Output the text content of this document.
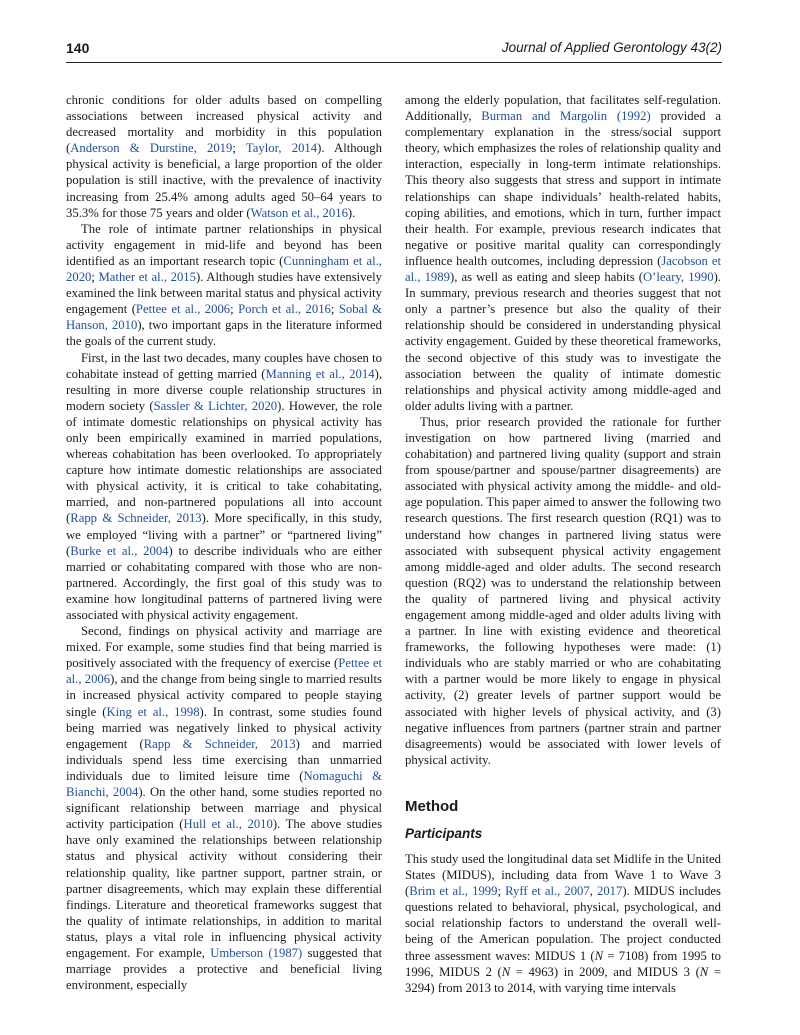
140	Journal of Applied Gerontology 43(2)

chronic conditions for older adults based on compelling associations between increased physical activity and decreased mortality and morbidity in this population (Anderson & Durstine, 2019; Taylor, 2014). Although physical activity is beneficial, a large proportion of the older population is still inactive, with the prevalence of inactivity increasing from 25.4% among adults aged 50–64 years to 35.3% for those 75 years and older (Watson et al., 2016).

The role of intimate partner relationships in physical activity engagement in mid-life and beyond has been identified as an important research topic (Cunningham et al., 2020; Mather et al., 2015). Although studies have extensively examined the link between marital status and physical activity engagement (Pettee et al., 2006; Porch et al., 2016; Sobal & Hanson, 2010), two important gaps in the literature informed the goals of the current study.

First, in the last two decades, many couples have chosen to cohabitate instead of getting married (Manning et al., 2014), resulting in more diverse couple relationship structures in modern society (Sassler & Lichter, 2020). However, the role of intimate domestic relationships on physical activity has only been empirically examined in married populations, whereas cohabitation has been overlooked. To appropriately capture how intimate domestic relationships are associated with physical activity, it is critical to take cohabitating, married, and non-partnered populations all into account (Rapp & Schneider, 2013). More specifically, in this study, we employed “living with a partner” or “partnered living” (Burke et al., 2004) to describe individuals who are either married or cohabitating compared with those who are non-partnered. Accordingly, the first goal of this study was to examine how longitudinal patterns of partnered living were associated with physical activity engagement.

Second, findings on physical activity and marriage are mixed. For example, some studies find that being married is positively associated with the frequency of exercise (Pettee et al., 2006), and the change from being single to married results in increased physical activity compared to people staying single (King et al., 1998). In contrast, some studies found being married was negatively linked to physical activity engagement (Rapp & Schneider, 2013) and married individuals spend less time exercising than unmarried individuals due to limited leisure time (Nomaguchi & Bianchi, 2004). On the other hand, some studies reported no significant relationship between marriage and physical activity participation (Hull et al., 2010). The above studies have only examined the relationships between relationship status and physical activity without considering their relationship quality, like partner support, partner strain, or partner disagreements, which may explain these differential findings. Literature and theoretical frameworks suggest that the quality of intimate relationships, in addition to marital status, plays a vital role in influencing physical activity engagement. For example, Umberson (1987) suggested that marriage provides a protective and beneficial living environment, especially

among the elderly population, that facilitates self-regulation. Additionally, Burman and Margolin (1992) provided a complementary explanation in the stress/social support theory, which emphasizes the roles of relationship quality and interaction, especially in long-term intimate relationships. This theory also suggests that stress and support in intimate relationships can shape individuals’ health-related habits, coping abilities, and emotions, which in turn, further impact their health. For example, previous research indicates that negative or positive marital quality can correspondingly influence health outcomes, including depression (Jacobson et al., 1989), as well as eating and sleep habits (O’leary, 1990). In summary, previous research and theories suggest that not only a partner’s presence but also the quality of their relationship should be considered in understanding physical activity engagement. Guided by these theoretical frameworks, the second objective of this study was to investigate the association between the quality of intimate domestic relationships and physical activity among middle-aged and older adults living with a partner.

Thus, prior research provided the rationale for further investigation on how partnered living (married and cohabitation) and partnered living quality (support and strain from spouse/partner and spouse/partner disagreements) are associated with physical activity among the middle- and old-age population. This paper aimed to answer the following two research questions. The first research question (RQ1) was to understand how changes in partnered living status were associated with subsequent physical activity engagement among middle-aged and older adults. The second research question (RQ2) was to understand the relationship between the quality of partnered living and physical activity engagement among middle-aged and older adults living with a partner. In line with existing evidence and theoretical frameworks, the following hypotheses were made: (1) individuals who are stably married or who are cohabitating with a partner would be more likely to engage in physical activity, (2) greater levels of partner support would be associated with higher levels of physical activity, and (3) negative influences from partners (partner strain and partner disagreements) would be associated with lower levels of physical activity.

Method
Participants

This study used the longitudinal data set Midlife in the United States (MIDUS), including data from Wave 1 to Wave 3 (Brim et al., 1999; Ryff et al., 2007, 2017). MIDUS includes questions related to behavioral, physical, psychological, and social relationship factors to understand the overall well-being of the American population. The project conducted three assessment waves: MIDUS 1 (N = 7108) from 1995 to 1996, MIDUS 2 (N = 4963) in 2009, and MIDUS 3 (N = 3294) from 2013 to 2014, with varying time intervals
